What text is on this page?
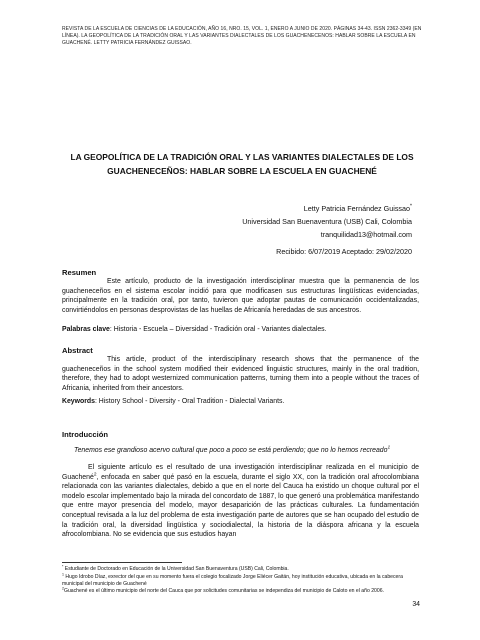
REVISTA DE LA ESCUELA DE CIENCIAS DE LA EDUCACIÓN, AÑO 16, NRO. 15, VOL. 1, ENERO A JUNIO DE 2020. PÁGINAS 34-43. ISSN 2362-3349 (EN LÍNEA). LA GEOPOLÍTICA DE LA TRADICIÓN ORAL Y LAS VARIANTES DIALECTALES DE LOS GUACHENECENOS: HABLAR SOBRE LA ESCUELA EN GUACHENÉ. LETTY PATRICIA FERNÁNDEZ GUISSAO.
LA GEOPOLÍTICA DE LA TRADICIÓN ORAL Y LAS VARIANTES DIALECTALES DE LOS GUACHENECEÑOS: HABLAR SOBRE LA ESCUELA EN GUACHENÉ
Letty Patricia Fernández Guissao*
Universidad San Buenaventura (USB) Cali, Colombia
tranquilidad13@hotmail.com
Recibido: 6/07/2019 Aceptado: 29/02/2020
Resumen
Este artículo, producto de la investigación interdisciplinar muestra que la permanencia de los guacheneceños en el sistema escolar incidió para que modificasen sus estructuras lingüísticas evidenciadas, principalmente en la tradición oral, por tanto, tuvieron que adoptar pautas de comunicación occidentalizadas, convirtiéndolos en personas desprovistas de las huellas de Africanía heredadas de sus ancestros.
Palabras clave: Historia - Escuela – Diversidad - Tradición oral - Variantes dialectales.
Abstract
This article, product of the interdisciplinary research shows that the permanence of the guacheneceños in the school system modified their evidenced linguistic structures, mainly in the oral tradition, therefore, they had to adopt westernized communication patterns, turning them into a people without the traces of Africania, inherited from their ancestors.
Keywords: History School - Diversity - Oral Tradition - Dialectal Variants.
Introducción
Tenemos ese grandioso acervo cultural que poco a poco se está perdiendo; que no lo hemos recreado$^1$
El siguiente artículo es el resultado de una investigación interdisciplinar realizada en el municipio de Guachené$^2$, enfocada en saber qué pasó en la escuela, durante el siglo XX, con la tradición oral afrocolombiana relacionada con las variantes dialectales, debido a que en el norte del Cauca ha existido un choque cultural por el modelo escolar implementado bajo la mirada del concordato de 1887, lo que generó una problemática manifestando que entre mayor presencia del modelo, mayor desaparición de las prácticas culturales. La fundamentación conceptual revisada a la luz del problema de esta investigación parte de autores que se han ocupado del estudio de la tradición oral, la diversidad lingüística y sociodialectal, la historia de la diáspora africana y la escuela afrocolombiana. No se evidencia que sus estudios hayan
* Estudiante de Doctorado en Educación de la Universidad San Buenaventura (USB) Cali, Colombia.
$^1$ Hugo Idrobo Díaz, exrector del que en su momento fuera el colegio focalizado Jorge Eliécer Gaitán, hoy institución educativa, ubicada en la cabecera municipal del municipio de Guachené
$^2$Guachené es el último municipio del norte del Cauca que por solicitudes comunitarias se independiza del municipio de Caloto en el año 2006.
34
